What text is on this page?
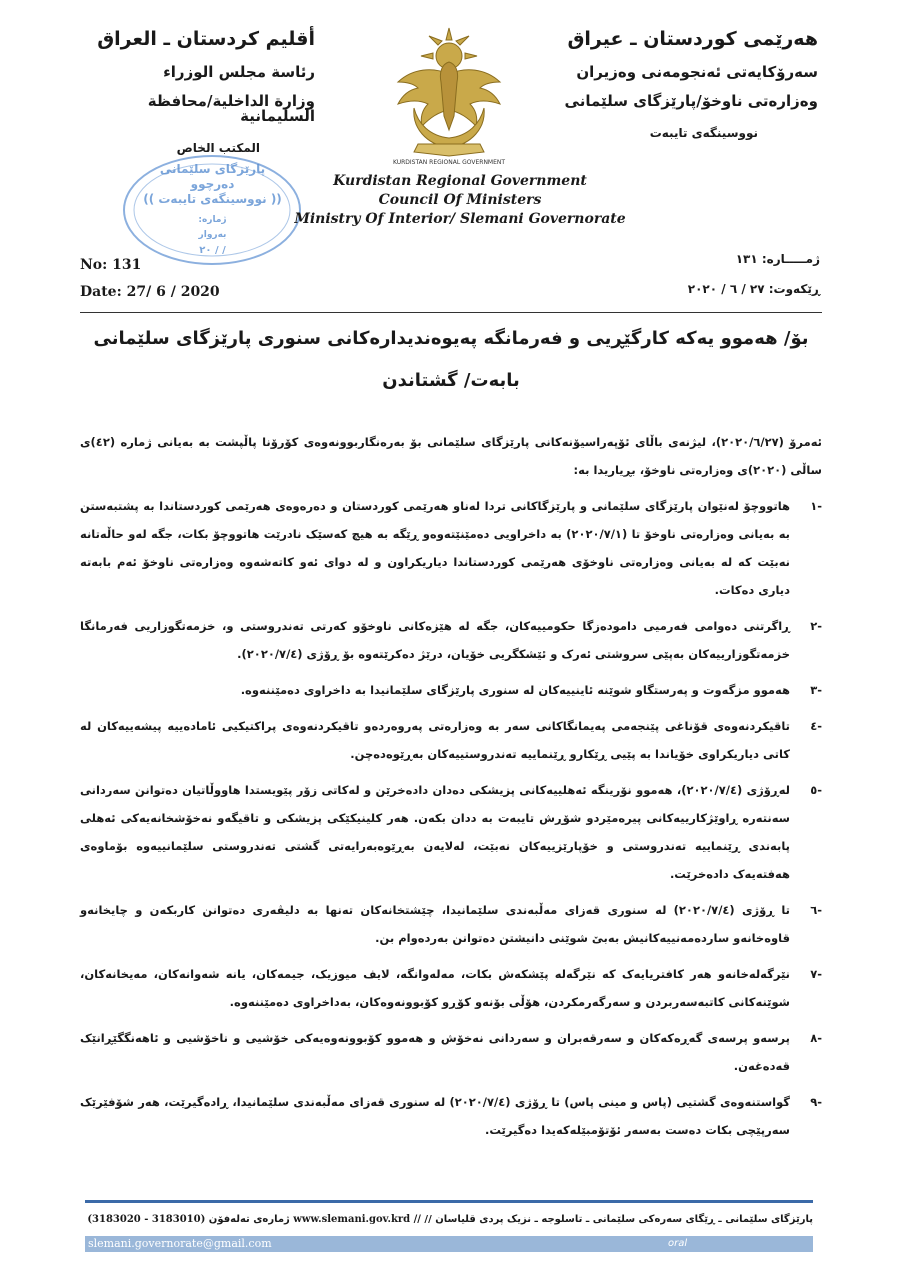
أقليم كردستان ـ العراق

رئاسة مجلس الوزراء

وزارة الداخلية/محافظة السليمانية

المكتب الخاص

هەرێمی کوردستان ـ عیراق

سەرۆکایەتی ئەنجومەنی وەزیران

وەزارەتی ناوخۆ/پارێزگای سلێمانی

نووسینگەی تایبەت

KURDISTAN REGIONAL GOVERNMENT
پارێزگای سلێمانی
دەرچوو
(( نووسینگەی تایبەت ))
ژمارە:
بەروار
/ / ٢٠
Kurdistan Regional Government
Council Of Ministers
Ministry Of Interior/ Slemani Governorate
No: 131
Date: 27/ 6 / 2020
ژمـــــارە: ١٣١
ڕێکەوت: ٢٧ / ٦ / ٢٠٢٠
بۆ/ هەموو یەکە کارگێڕیی و فەرمانگە پەیوەندیدارەکانی سنوری پارێزگای سلێمانی
بابەت/ گشتاندن

ئەمرۆ (٢٠٢٠/٦/٢٧)، لیژنەی باڵای ئۆپەراسیۆنەکانی پارێزگای سلێمانی بۆ بەرەنگاربوونەوەی کۆرۆنا پاڵپشت بە بەیانی ژمارە (٤٢)ی ساڵی (٢٠٢٠)ی وەزارەتی ناوخۆ، بڕیاریدا بە:

-١
هاتووچۆ لەنێوان پارێزگای سلێمانی و پارێزگاکانی تردا لەناو هەرێمی کوردستان و دەرەوەی هەرێمی کوردستاندا بە پشتبەستن بە بەیانی وەزارەتی ناوخۆ تا (٢٠٢٠/٧/١) بە داخراویی دەمێنێتەوەو ڕێگە بە هیچ کەسێک نادرێت هاتووچۆ بکات، جگە لەو حاڵەتانە نەبێت کە لە بەیانی وەزارەتی ناوخۆی هەرێمی کوردستاندا دیاریکراون و لە دوای ئەو کاتەشەوە وەزارەتی ناوخۆ ئەم بابەتە دیاری دەکات.
-٢
ڕاگرتنی دەوامی فەرمیی دامودەزگا حکومییەکان، جگە لە هێزەکانی ناوخۆو کەرتی تەندروستی و، خزمەتگوزاریی فەرمانگا خزمەتگوزارییەکان بەپێی سروشتی ئەرک و ئێشکگریی خۆیان، درێژ دەکرێتەوە بۆ ڕۆژی (٢٠٢٠/٧/٤).
-٣
هەموو مزگەوت و پەرستگاو شوێنە ئاینییەکان لە سنوری پارێزگای سلێمانیدا بە داخراوی دەمێننەوە.
-٤
تاقیکردنەوەی قۆناغی پێنجەمی پەیمانگاکانی سەر بە وەزارەتی پەروەردەو تاقیکردنەوەی پراکتیکیی ئامادەییە پیشەییەکان لە کاتی دیاریکراوی خۆیاندا بە پێیی ڕێکارو ڕێنماییە تەندروستییەکان بەڕێوەدەچن.
-٥
لەڕۆژی (٢٠٢٠/٧/٤)، هەموو نۆرینگە ئەهلییەکانی پزیشکی دەدان دادەخرێن و لەکاتی زۆر پێویستدا هاووڵاتیان دەتوانن سەردانی سەنتەرە ڕاوێژکارییەکانی پیرەمێردو شۆڕش تایبەت بە ددان بکەن. هەر کلینیکێکی پزیشکی و تاقیگەو نەخۆشخانەیەکی ئەهلی پابەندی ڕێنماییە تەندروستی و خۆپارێزییەکان نەبێت، لەلایەن بەڕێوەبەرایەتی گشتی تەندروستی سلێمانییەوە بۆماوەی هەفتەیەک دادەخرێت.
-٦
تا ڕۆژی (٢٠٢٠/٧/٤) لە سنوری قەزای مەڵبەندی سلێمانیدا، چێشتخانەکان تەنها بە دلیڤەری دەتوانن کاربکەن و چایخانەو قاوەخانەو ساردەمەنییەکانیش بەبێ شوێنی دانیشتن دەتوانن بەردەوام بن.
-٧
نێرگەلەخانەو هەر کافتریایەک کە نێرگەلە پێشکەش بکات، مەلەوانگە، لایف میوزیک، جیمەکان، یانە شەوانەکان، مەیخانەکان، شوێنەکانی کاتبەسەربردن و سەرگەرمکردن، هۆڵی بۆنەو کۆڕو کۆبوونەوەکان، بەداخراوی دەمێننەوە.
-٨
پرسەو پرسەی گەڕەکەکان و سەرقەبران و سەردانی نەخۆش و هەموو کۆبوونەوەیەکی خۆشیی و ناخۆشیی و ئاهەنگگێڕانێک قەدەغەن.
-٩
گواستنەوەی گشتیی (پاس و مینی پاس) تا ڕۆژی (٢٠٢٠/٧/٤) لە سنوری قەزای مەڵبەندی سلێمانیدا، ڕادەگیرێت، هەر شۆفێرێک سەرپێچی بکات دەست بەسەر ئۆتۆمبێلەکەیدا دەگیرێت.
پارێزگای سلێمانی ـ ڕێگای سەرەکی سلێمانی ـ تاسلوجە ـ نزیک پردی قلیاسان // www.slemani.gov.krd // ژمارەی تەلەفۆن (3183020 - 3183010)
slemani.governorate@gmail.com	oral
